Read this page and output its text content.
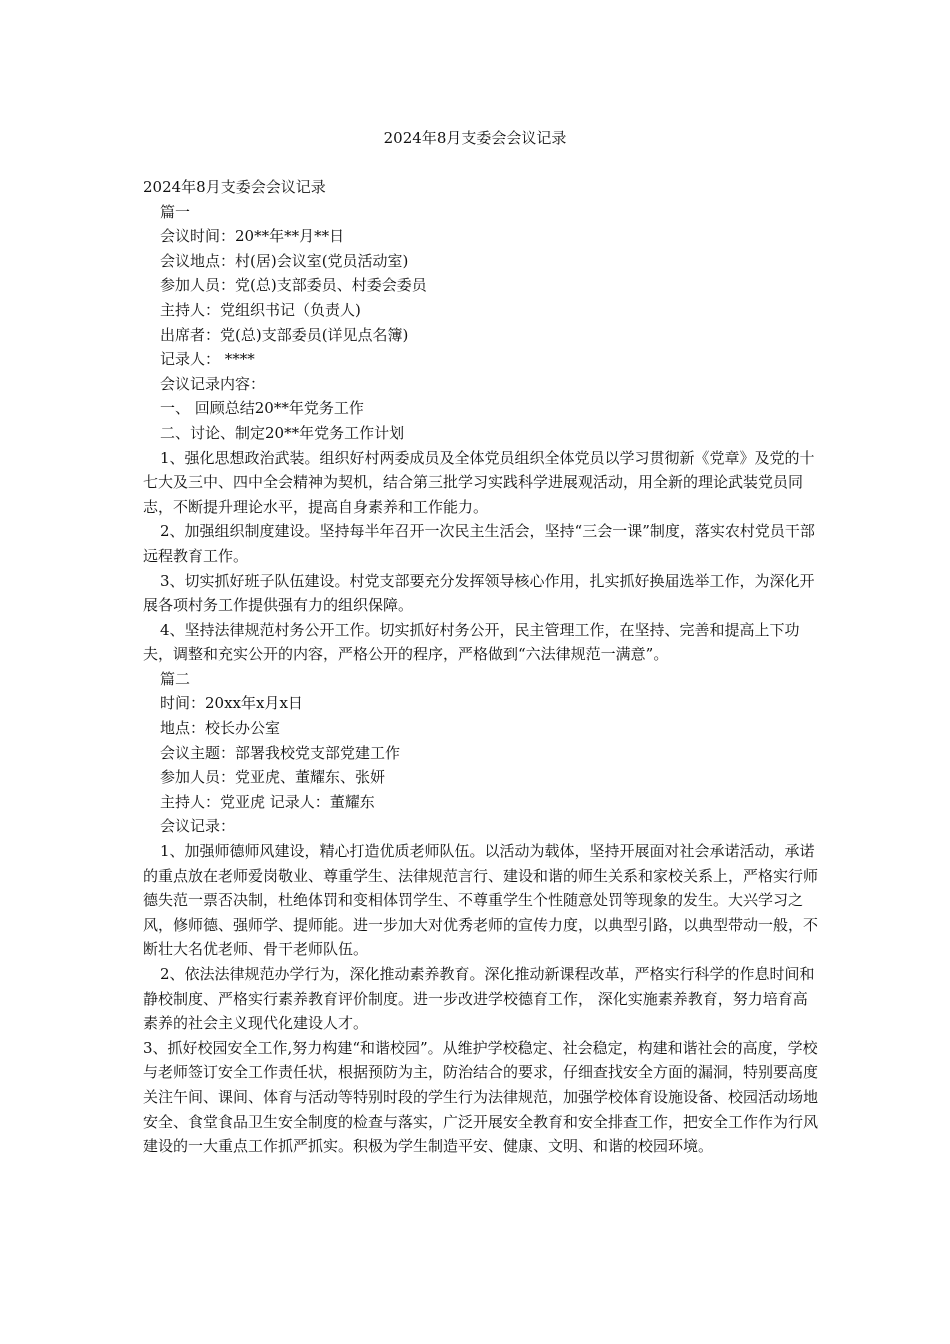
2024年8月支委会会议记录

2024年8月支委会会议记录

篇一

会议时间：20**年**月**日

会议地点：村(居)会议室(党员活动室)

参加人员：党(总)支部委员、村委会委员

主持人：党组织书记（负责人)

出席者：党(总)支部委员(详见点名簿)

记录人： ****

会议记录内容：

一、 回顾总结20**年党务工作

二、讨论、制定20**年党务工作计划

1、强化思想政治武装。组织好村两委成员及全体党员组织全体党员以学习贯彻新《党章》及党的十七大及三中、四中全会精神为契机，结合第三批学习实践科学进展观活动，用全新的理论武装党员同志，不断提升理论水平，提高自身素养和工作能力。

2、加强组织制度建设。坚持每半年召开一次民主生活会，坚持“三会一课”制度，落实农村党员干部远程教育工作。

3、切实抓好班子队伍建设。村党支部要充分发挥领导核心作用，扎实抓好换届选举工作，为深化开展各项村务工作提供强有力的组织保障。

4、坚持法律规范村务公开工作。切实抓好村务公开，民主管理工作，在坚持、完善和提高上下功夫，调整和充实公开的内容，严格公开的程序，严格做到“六法律规范一满意”。

篇二

时间：20xx年x月x日

地点：校长办公室

会议主题：部署我校党支部党建工作

参加人员：党亚虎、董耀东、张妍

主持人：党亚虎 记录人：董耀东

会议记录：

1、加强师德师风建设，精心打造优质老师队伍。以活动为载体，坚持开展面对社会承诺活动，承诺的重点放在老师爱岗敬业、尊重学生、法律规范言行、建设和谐的师生关系和家校关系上，严格实行师德失范一票否决制，杜绝体罚和变相体罚学生、不尊重学生个性随意处罚等现象的发生。大兴学习之风，修师德、强师学、提师能。进一步加大对优秀老师的宣传力度，以典型引路，以典型带动一般，不断壮大名优老师、骨干老师队伍。

2、依法法律规范办学行为，深化推动素养教育。深化推动新课程改革，严格实行科学的作息时间和静校制度、严格实行素养教育评价制度。进一步改进学校德育工作， 深化实施素养教育，努力培育高素养的社会主义现代化建设人才。

3、抓好校园安全工作,努力构建“和谐校园”。从维护学校稳定、社会稳定，构建和谐社会的高度，学校与老师签订安全工作责任状，根据预防为主，防治结合的要求，仔细查找安全方面的漏洞，特别要高度关注午间、课间、体育与活动等特别时段的学生行为法律规范，加强学校体育设施设备、校园活动场地安全、食堂食品卫生安全制度的检查与落实，广泛开展安全教育和安全排查工作，把安全工作作为行风建设的一大重点工作抓严抓实。积极为学生制造平安、健康、文明、和谐的校园环境。
